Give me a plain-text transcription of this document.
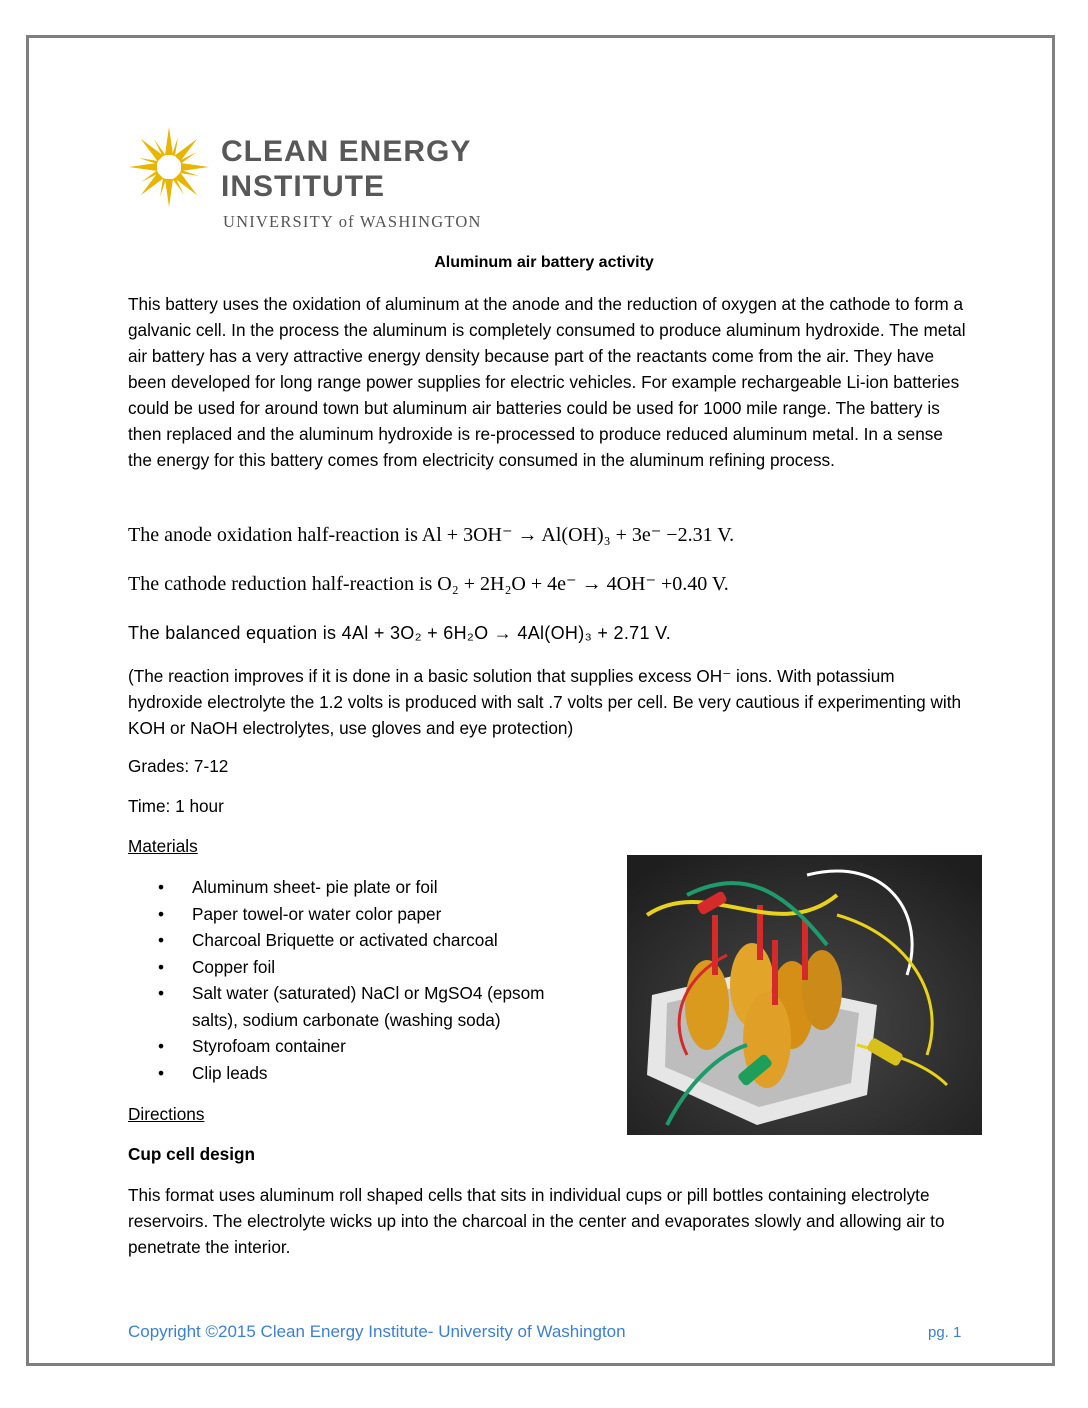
CLEAN ENERGY
INSTITUTE
UNIVERSITY of WASHINGTON
Aluminum air battery activity
This battery uses the oxidation of aluminum at the anode and the reduction of oxygen at the cathode to form a galvanic cell. In the process the aluminum is completely consumed to produce aluminum hydroxide. The metal air battery has a very attractive energy density because part of the reactants come from the air. They have been developed for long range power supplies for electric vehicles. For example rechargeable Li-ion batteries could be used for around town but aluminum air batteries could be used for 1000 mile range. The battery is then replaced and the aluminum hydroxide is re-processed to produce reduced aluminum metal. In a sense the energy for this battery comes from electricity consumed in the aluminum refining process.
The anode oxidation half-reaction is Al + 3OH⁻ → Al(OH)₃ + 3e⁻ −2.31 V.
The cathode reduction half-reaction is O₂ + 2H₂O + 4e⁻ → 4OH⁻ +0.40 V.
The balanced equation is 4Al + 3O₂ + 6H₂O → 4Al(OH)₃ + 2.71 V.
(The reaction improves if it is done in a basic solution that supplies excess OH⁻ ions. With potassium hydroxide electrolyte the 1.2 volts is produced with salt .7 volts per cell. Be very cautious if experimenting with KOH or NaOH electrolytes, use gloves and eye protection)
Grades: 7-12
Time: 1 hour
Materials
• Aluminum sheet- pie plate or foil
• Paper towel-or water color paper
• Charcoal Briquette or activated charcoal
• Copper foil
• Salt water (saturated) NaCl or MgSO4 (epsom salts), sodium carbonate (washing soda)
• Styrofoam container
• Clip leads
Directions
Cup cell design
This format uses aluminum roll shaped cells that sits in individual cups or pill bottles containing electrolyte reservoirs. The electrolyte wicks up into the charcoal in the center and evaporates slowly and allowing air to penetrate the interior.
Copyright ©2015 Clean Energy Institute- University of Washington	pg. 1
